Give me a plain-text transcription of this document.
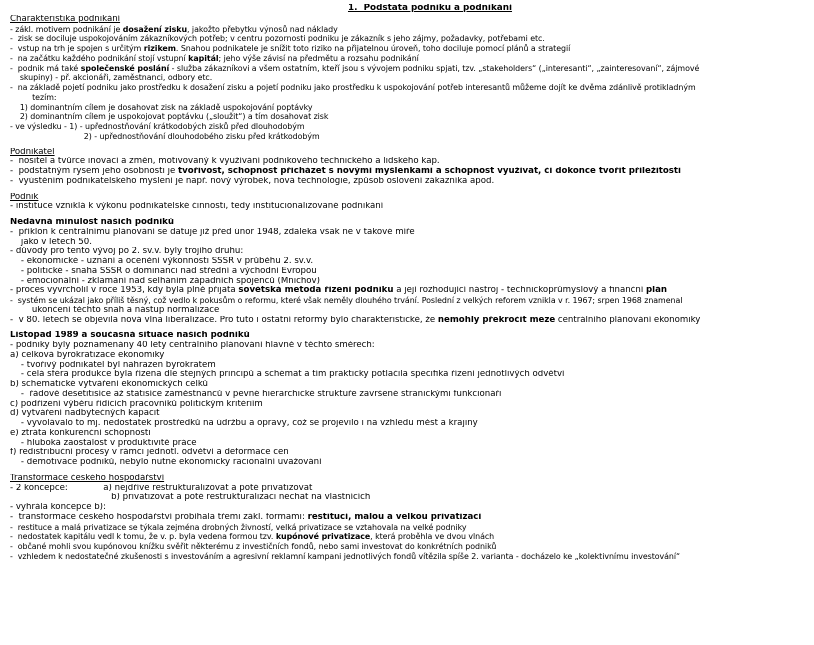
1.  Podstata podniku a podnikání
Charakteristika podnikání
- zákl. motivem podnikání je dosažení zisku, jakožto přebytku výnosů nad náklady
-  zisk se dociluje uspokojováním zákazníkových potřeb; v centru pozornosti podniku je zákazník s jeho zájmy, požadavky, potřebami etc.
-  vstup na trh je spojen s určitým rizikem. Snahou podnikatele je snížit toto riziko na přijatelnou úroveň, toho dociluje pomocí plánů a strategií
-  na začátku každého podnikání stojí vstupní kapitál; jeho výše závisí na předmětu a rozsahu podnikání
-  podnik má také společenské poslání - služba zákazníkovi a všem ostatním, kteří jsou s vývojem podniku spjati, tzv. „stakeholders“ („interesanti“, „zainteresovaní“, zájmové
skupiny) - př. akcionáři, zaměstnanci, odbory etc.
-  na základě pojetí podniku jako prostředku k dosažení zisku a pojetí podniku jako prostředku k uspokojování potřeb interesantů můžeme dojít ke dvěma zdánlivě protikladným
tezím:
1) dominantním cílem je dosahovat zisk na základě uspokojování poptávky
2) dominantním cílem je uspokojovat poptávku („sloužit“) a tím dosahovat zisk
- ve výsledku - 1) - upřednostňování krátkodobých zisků před dlouhodobým
2) - upřednostňování dlouhodobého zisku před krátkodobým
Podnikatel
-  nositel a tvůrce inovací a změn, motivovaný k využívání podnikového technického a lidského kap.
-  podstatným rysem jeho osobnosti je tvořivost, schopnost přicházet s novými myšlenkami a schopnost využívat, či dokonce tvořit příležitosti
-  vyústěním podnikatelského myšlení je např. nový výrobek, nová technologie, způsob oslovení zákazníka apod.
Podnik
- instituce vzniklá k výkonu podnikatelské činnosti, tedy institucionalizované podnikání
Nedávná minulost našich podniků
-  příklon k centrálnímu plánování se datuje již před únor 1948, zdaleka však ne v takové míře
jako v letech 50.
- důvody pro tento vývoj po 2. sv.v. byly trojího druhu:
- ekonomické - uznání a ocenění výkonnosti SSSR v průběhu 2. sv.v.
- politické - snaha SSSR o dominanci nad střední a východní Evropou
- emocionální - zklamání nad selháním západních spojenců (Mnichov)
- proces vyvrcholil v roce 1953, kdy byla plně přijata sovětská metoda řízení podniku a její rozhodující nástroj - technickoprůmyslový a finanční plán
-  systém se ukázal jako příliš těsný, což vedlo k pokusům o reformu, které však neměly dlouhého trvání. Poslední z velkých reforem vznikla v r. 1967; srpen 1968 znamenal
ukončení těchto snah a nástup normalizace
-  v 80. letech se objevila nová vlna liberalizace. Pro tuto i ostatní reformy bylo charakteristické, že nemohly překročit meze centrálního plánování ekonomiky
Listopad 1989 a současná situace našich podniků
- podniky byly poznamenány 40 lety centrálního plánování hlavně v těchto směrech:
a) celková byrokratizace ekonomiky
- tvořivý podnikatel byl nahrazen byrokratem
- celá sféra produkce byla řízena dle stejných principů a schémat a tím prakticky potlačila specifika řízení jednotlivých odvětví
b) schematické vytváření ekonomických celků
-  řádově desetitisíce až statisíce zaměstnanců v pevné hierarchické struktuře završené stranickými funkcionáři
c) podřízení výběru řídících pracovníků politickým kritériím
d) vytváření nadbytečných kapacit
- vyvolávalo to mj. nedostatek prostředků na údržbu a opravy, což se projevilo i na vzhledu měst a krajiny
e) ztráta konkurenční schopnosti
- hluboká zaostalost v produktivitě práce
f) redistribuční procesy v rámci jednotl. odvětví a deformace cen
- demotivace podniků, nebylo nutné ekonomicky racionální uvažování
Transformace českého hospodářství
- 2 koncepce:             a) nejdříve restrukturalizovat a poté privatizovat
b) privatizovat a poté restrukturalizaci nechat na vlastnících
- vyhrála koncepce b):
-  transformace českého hospodářství probíhala třemi zákl. formami: restitucí, malou a velkou privatizací
-  restituce a malá privatizace se týkala zejména drobných živností, velká privatizace se vztahovala na velké podniky
-  nedostatek kapitálu vedl k tomu, že v. p. byla vedena formou tzv. kupónové privatizace, která proběhla ve dvou vlnách
-  občané mohli svou kupónovou knížku svěřit některému z investičních fondů, nebo sami investovat do konkrétních podniků
-  vzhledem k nedostatečné zkušenosti s investováním a agresivní reklamní kampani jednotlivých fondů vítězila spíše 2. varianta - docházelo ke „kolektivnímu investování“
